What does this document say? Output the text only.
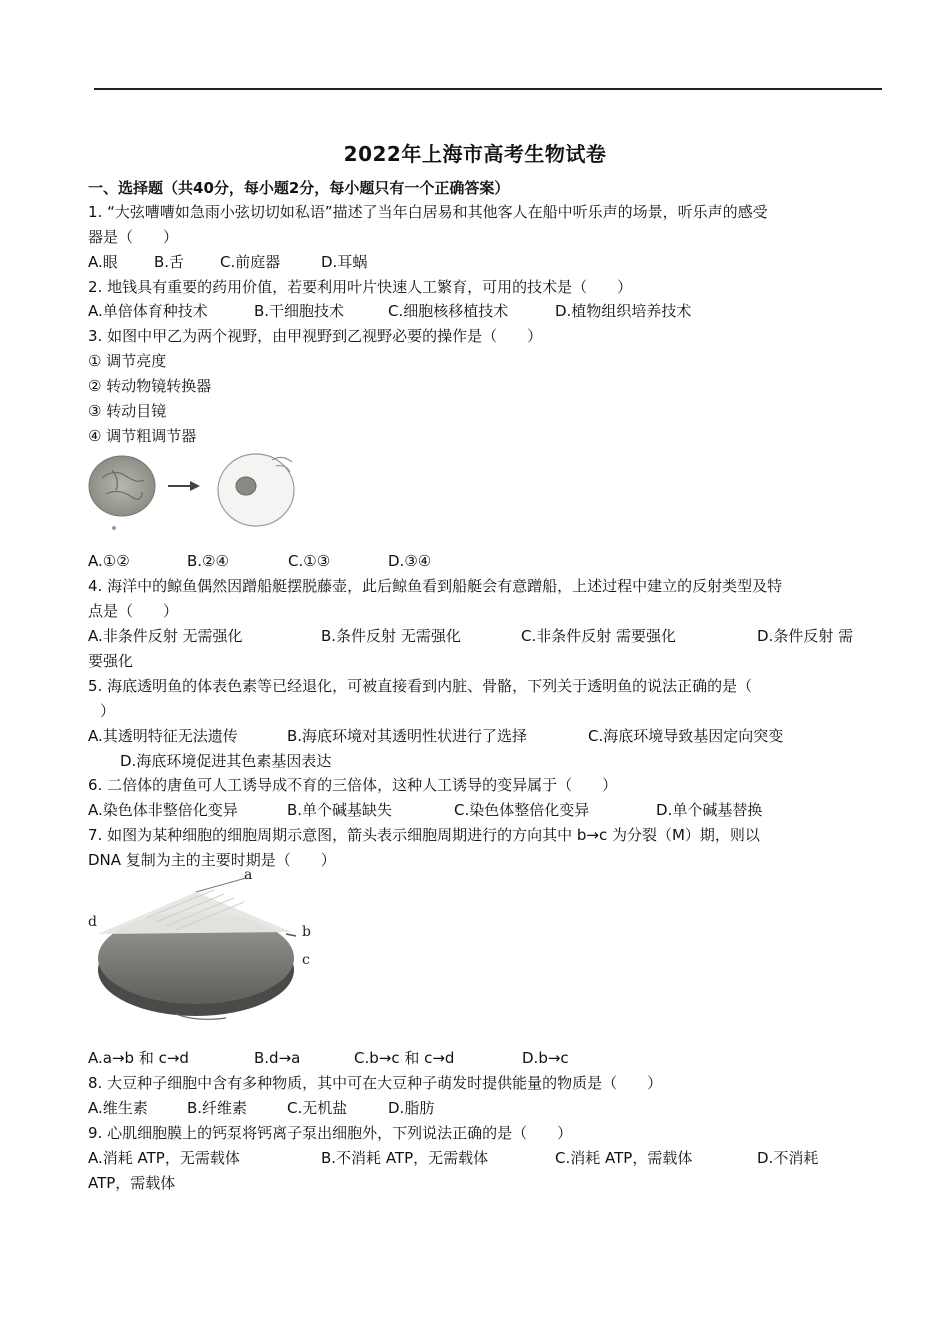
2022年上海市高考生物试卷
一、选择题（共40分，每小题2分，每小题只有一个正确答案）
1. “大弦嘈嘈如急雨小弦切切如私语”描述了当年白居易和其他客人在船中听乐声的场景，听乐声的感受
器是（　　）
A.眼 B.舌 C.前庭器	D.耳蜗
2. 地钱具有重要的药用价值，若要利用叶片快速人工繁育，可用的技术是（　　）
A.单倍体育种技术	B.干细胞技术	C.细胞核移植技术	D.植物组织培养技术
3. 如图中甲乙为两个视野，由甲视野到乙视野必要的操作是（　　）
① 调节亮度
② 转动物镜转换器
③ 转动目镜
④ 调节粗调节器
A.①②	B.②④	C.①③	D.③④
4. 海洋中的鲸鱼偶然因蹭船艇摆脱藤壶，此后鲸鱼看到船艇会有意蹭船，上述过程中建立的反射类型及特
点是（　　）
A.非条件反射 无需强化	B.条件反射 无需强化	C.非条件反射 需要强化	D.条件反射 需
要强化
5. 海底透明鱼的体表色素等已经退化，可被直接看到内脏、骨骼，下列关于透明鱼的说法正确的是（
）
A.其透明特征无法遗传	B.海底环境对其透明性状进行了选择	C.海底环境导致基因定向突变
D.海底环境促进其色素基因表达
6. 二倍体的唐鱼可人工诱导成不育的三倍体，这种人工诱导的变异属于（　　）
A.染色体非整倍化变异	B.单个碱基缺失	C.染色体整倍化变异	D.单个碱基替换
7. 如图为某种细胞的细胞周期示意图，箭头表示细胞周期进行的方向其中 b→c 为分裂（M）期，则以
DNA 复制为主的主要时期是（　　）
a
b
c
d
A.a→b 和 c→d	B.d→a	C.b→c 和 c→d	D.b→c
8. 大豆种子细胞中含有多种物质，其中可在大豆种子萌发时提供能量的物质是（　　）
A.维生素	B.纤维素	C.无机盐	D.脂肪
9. 心肌细胞膜上的钙泵将钙离子泵出细胞外，下列说法正确的是（　　）
A.消耗 ATP，无需载体	B.不消耗 ATP，无需载体	C.消耗 ATP，需载体	D.不消耗
ATP，需载体
